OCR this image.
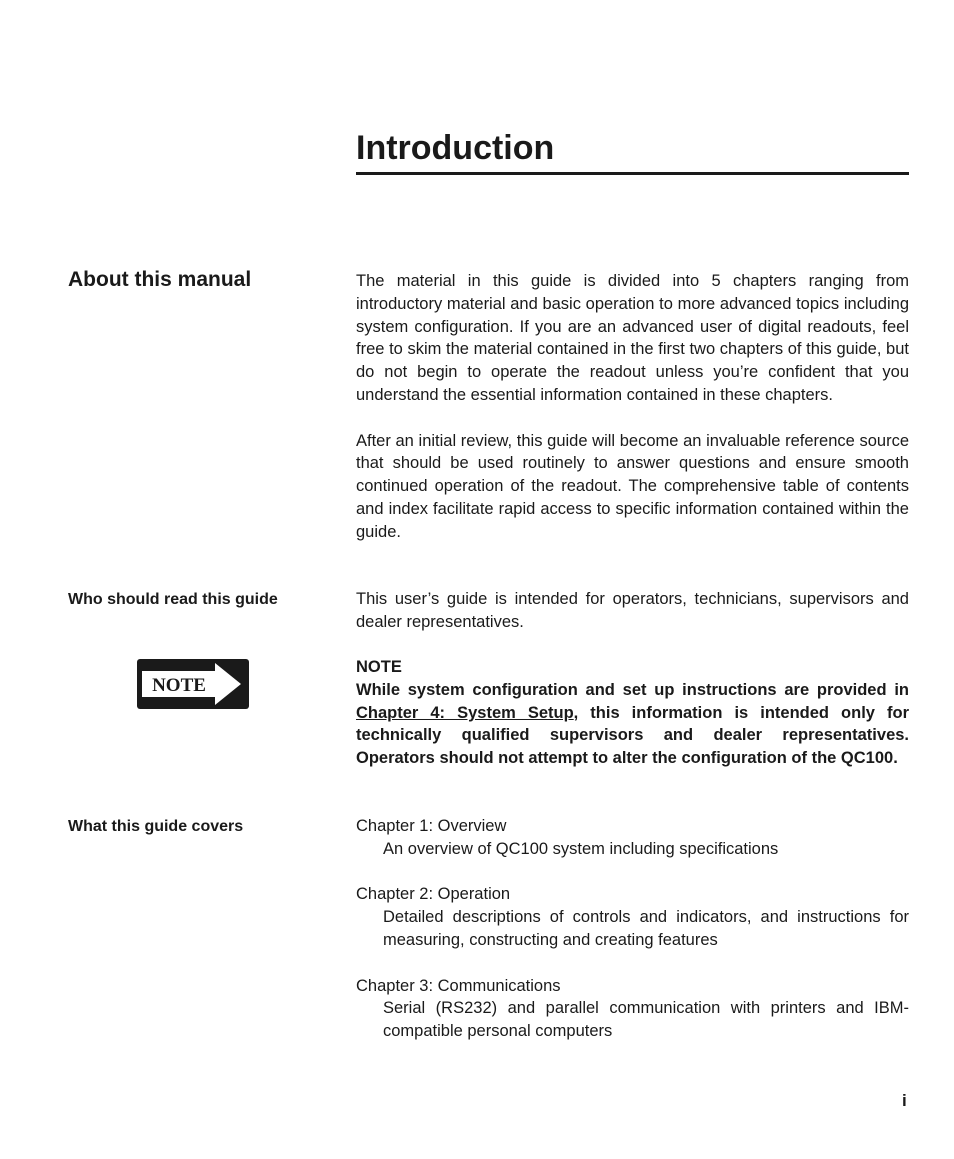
Introduction
About this manual	The material in this guide is divided into 5 chapters ranging from introductory material and basic operation to more advanced topics including system configuration. If you are an advanced user of digital readouts, feel free to skim the material contained in the first two chapters of this guide, but do not begin to operate the readout unless you’re confident that you understand the essential information contained in these chapters.

After an initial review, this guide will become an invaluable reference source that should be used routinely to answer questions and ensure smooth continued operation of the readout. The comprehensive table of contents and index facilitate rapid access to specific information contained within the guide.

Who should read this guide	This user’s guide is intended for operators, technicians, supervisors and dealer representatives.

NOTE

NOTE

While system configuration and set up instructions are provided in Chapter 4: System Setup, this information is intended only for technically qualified supervisors and dealer representatives. Operators should not attempt to alter the configuration of the QC100.

What this guide covers	Chapter 1: Overview
An overview of QC100 system including specifications
Chapter 2: Operation
Detailed descriptions of controls and indicators, and instructions for measuring, constructing and creating features
Chapter 3: Communications
Serial (RS232) and parallel communication with printers and IBM-compatible personal computers
i
